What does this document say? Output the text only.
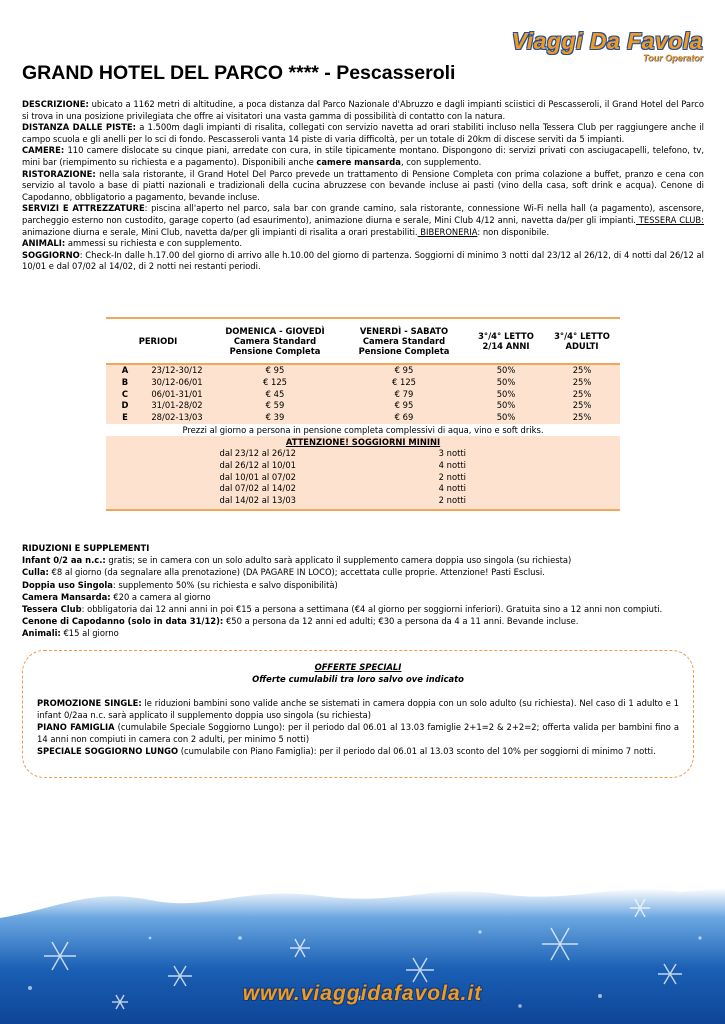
Viaggi Da Favola
Tour Operator
GRAND HOTEL DEL PARCO **** - Pescasseroli

DESCRIZIONE: ubicato a 1162 metri di altitudine, a poca distanza dal Parco Nazionale d'Abruzzo e dagli impianti sciistici di Pescasseroli, il Grand Hotel del Parco si trova in una posizione privilegiata che offre ai visitatori una vasta gamma di possibilità di contatto con la natura.

DISTANZA DALLE PISTE: a 1.500m dagli impianti di risalita, collegati con servizio navetta ad orari stabiliti incluso nella Tessera Club per raggiungere anche il campo scuola e gli anelli per lo sci di fondo. Pescasseroli vanta 14 piste di varia difficoltà, per un totale di 20km di discese serviti da 5 impianti.

CAMERE: 110 camere dislocate su cinque piani, arredate con cura, in stile tipicamente montano. Dispongono di: servizi privati con asciugacapelli, telefono, tv, mini bar (riempimento su richiesta e a pagamento). Disponibili anche camere mansarda, con supplemento.

RISTORAZIONE: nella sala ristorante, il Grand Hotel Del Parco prevede un trattamento di Pensione Completa con prima colazione a buffet, pranzo e cena con servizio al tavolo a base di piatti nazionali e tradizionali della cucina abruzzese con bevande incluse ai pasti (vino della casa, soft drink e acqua). Cenone di Capodanno, obbligatorio a pagamento, bevande incluse.

SERVIZI E ATTREZZATURE: piscina all'aperto nel parco, sala bar con grande camino, sala ristorante, connessione Wi-Fi nella hall (a pagamento), ascensore, parcheggio esterno non custodito, garage coperto (ad esaurimento), animazione diurna e serale, Mini Club 4/12 anni, navetta da/per gli impianti. TESSERA CLUB: animazione diurna e serale, Mini Club, navetta da/per gli impianti di risalita a orari prestabiliti. BIBERONERIA: non disponibile.

ANIMALI: ammessi su richiesta e con supplemento.

SOGGIORNO: Check-In dalle h.17.00 del giorno di arrivo alle h.10.00 del giorno di partenza. Soggiorni di minimo 3 notti dal 23/12 al 26/12, di 4 notti dal 26/12 al 10/01 e dal 07/02 al 14/02, di 2 notti nei restanti periodi.

PERIODI		DOMENICA - GIOVEDÌ Camera Standard Pensione Completa	VENERDÌ - SABATO Camera Standard Pensione Completa	3°/4° LETTO 2/14 ANNI	3°/4° LETTO ADULTI
A	23/12-30/12	€ 95	€ 95	50%	25%
B	30/12-06/01	€ 125	€ 125	50%	25%
C	06/01-31/01	€ 45	€ 79	50%	25%
D	31/01-28/02	€ 59	€ 95	50%	25%
E	28/02-13/03	€ 39	€ 69	50%	25%
Prezzi al giorno a persona in pensione completa complessivi di aqua, vino e soft driks.
ATTENZIONE! SOGGIORNI MININI
dal 23/12 al 26/12	3 notti
dal 26/12 al 10/01	4 notti
dal 10/01 al 07/02	2 notti
dal 07/02 al 14/02	4 notti
dal 14/02 al 13/03	2 notti

RIDUZIONI E SUPPLEMENTI

Infant 0/2 aa n.c.: gratis; se in camera con un solo adulto sarà applicato il supplemento camera doppia uso singola (su richiesta)

Culla: €8 al giorno (da segnalare alla prenotazione) (DA PAGARE IN LOCO); accettata culle proprie. Attenzione! Pasti Esclusi.

Doppia uso Singola: supplemento 50% (su richiesta e salvo disponibilità)

Camera Mansarda: €20 a camera al giorno

Tessera Club: obbligatoria dai 12 anni anni in poi €15 a persona a settimana (€4 al giorno per soggiorni inferiori). Gratuita sino a 12 anni non compiuti.

Cenone di Capodanno (solo in data 31/12): €50 a persona da 12 anni ed adulti; €30 a persona da 4 a 11 anni. Bevande incluse.

Animali: €15 al giorno

OFFERTE SPECIALI
Offerte cumulabili tra loro salvo ove indicato

PROMOZIONE SINGLE: le riduzioni bambini sono valide anche se sistemati in camera doppia con un solo adulto (su richiesta). Nel caso di 1 adulto e 1 infant 0/2aa n.c. sarà applicato il supplemento doppia uso singola (su richiesta)

PIANO FAMIGLIA (cumulabile Speciale Soggiorno Lungo): per il periodo dal 06.01 al 13.03 famiglie 2+1=2 & 2+2=2; offerta valida per bambini fino a 14 anni non compiuti in camera con 2 adulti, per minimo 5 notti)

SPECIALE SOGGIORNO LUNGO (cumulabile con Piano Famiglia): per il periodo dal 06.01 al 13.03 sconto del 10% per soggiorni di minimo 7 notti.

www.viaggidafavola.it
